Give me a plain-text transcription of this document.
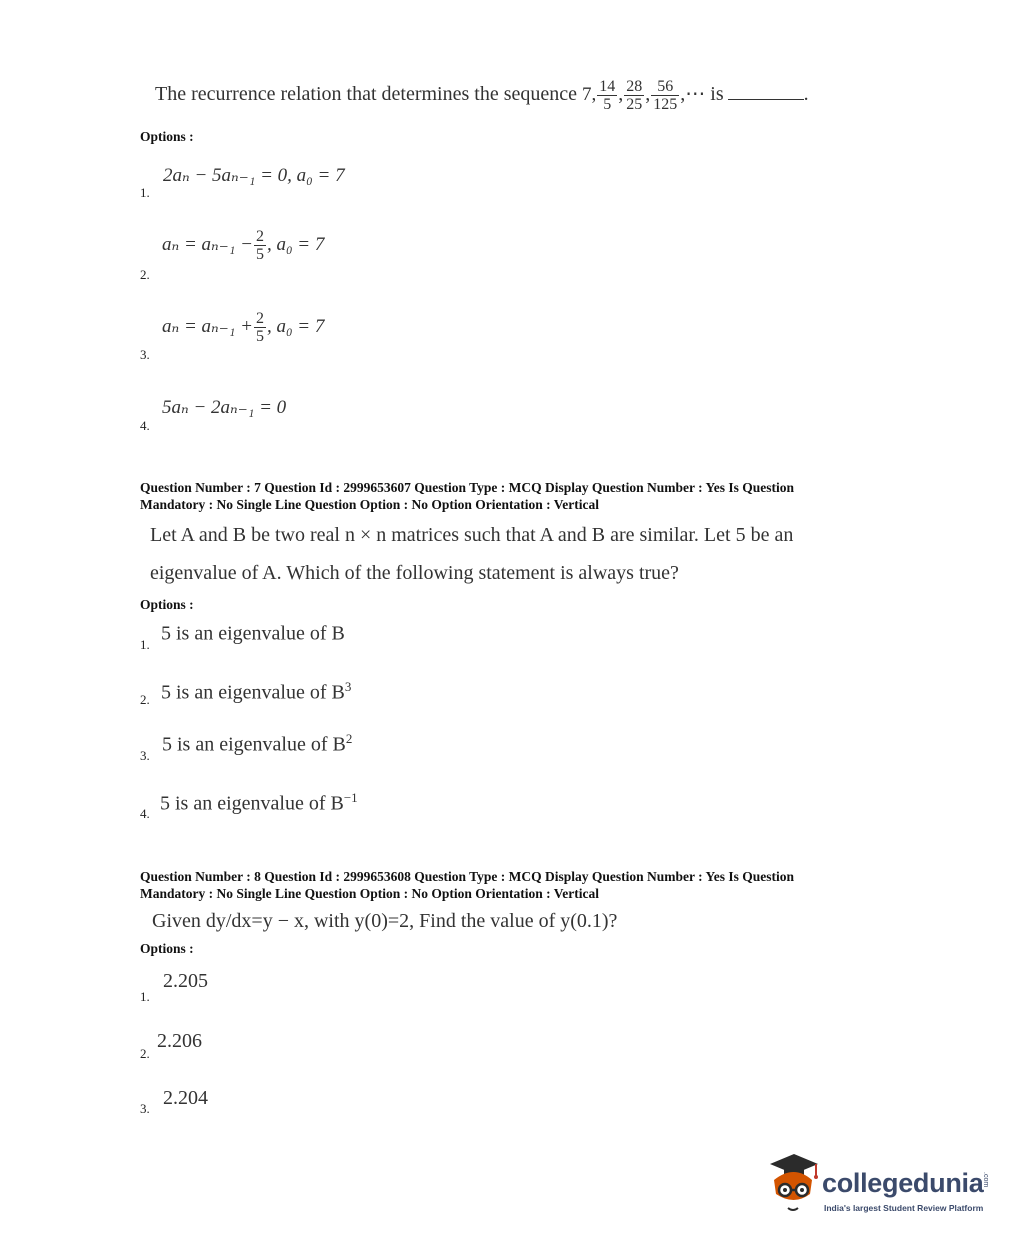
The recurrence relation that determines the sequence 7, $\frac{14}{5}$ , $\frac{28}{25}$ , $\frac{56}{125}$ ,⋯ is	.
Options :
2aₙ − 5aₙ₋₁ = 0, a₀ = 7
1.
$a_n = a_{n-1} - \frac{2}{5}$ , a₀ = 7
2.
$a_n = a_{n-1} + \frac{2}{5}$ , a₀ = 7
3.
5aₙ − 2aₙ₋₁ = 0
4.
Question Number : 7 Question Id : 2999653607 Question Type : MCQ Display Question Number : Yes Is Question
Mandatory : No Single Line Question Option : No Option Orientation : Vertical
Let A and B be two real n × n matrices such that A and B are similar. Let 5 be an
eigenvalue of A. Which of the following statement is always true?
Options :
5 is an eigenvalue of B
1.
5 is an eigenvalue of $B^3$
2.
5 is an eigenvalue of $B^2$
3.
5 is an eigenvalue of $B^{-1}$
4.
Question Number : 8 Question Id : 2999653608 Question Type : MCQ Display Question Number : Yes Is Question
Mandatory : No Single Line Question Option : No Option Orientation : Vertical
Given dy/dx=y − x, with y(0)=2, Find the value of y(0.1)?
Options :
2.205
1.
2.206
2.
2.204
3.
collegedunia
.com
India's largest Student Review Platform
